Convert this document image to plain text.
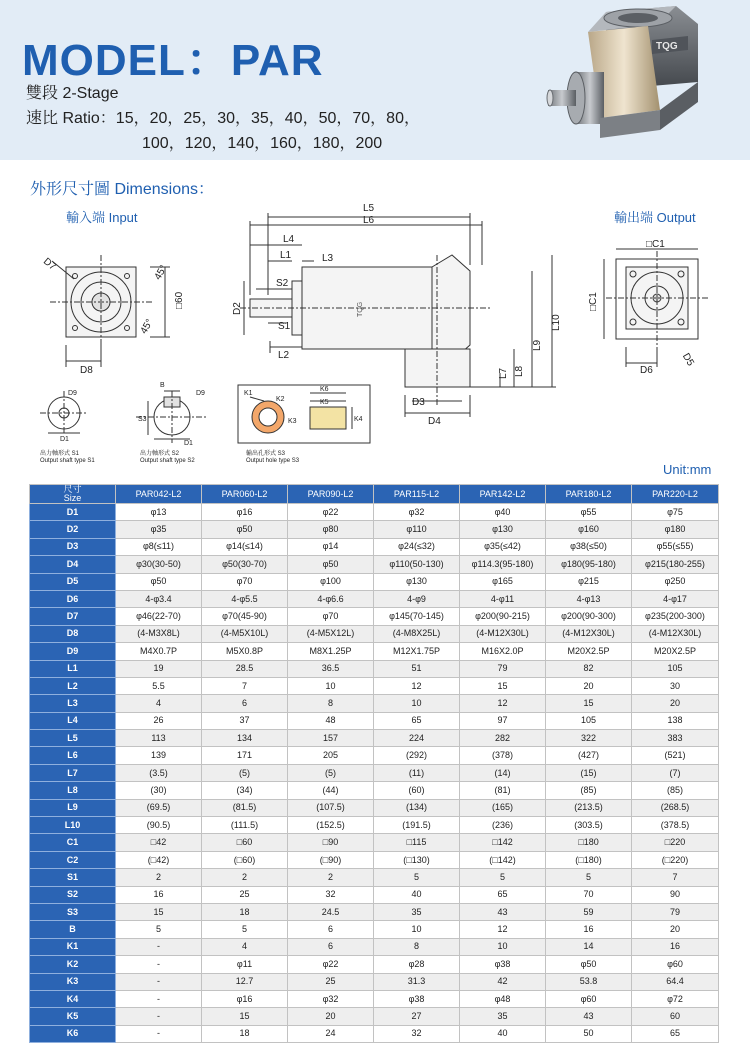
MODEL：PAR
雙段 2-Stage
速比 Ratio：15，20，25，30，35，40，50，70，80，
100，120，140，160，180，200
TQG
外形尺寸圖 Dimensions：
輸入端 Input	輸出端 Output
L5
L6
L4
L1	L3
S2
S1
L2
D2
D3
D4
L7 L8
L9
L10
D7
D8
□60
45°
45°
□C1
□C1
D5
D6
D9
D1
B
D9
S3
D1
K1
K2
K3	K4
K5
K6
出力軸形式 S1
Output shaft type S1
出力軸形式 S2
Output shaft type S2
輸出孔形式 S3
Output hole type S3
TQG
Unit:mm
尺寸
Size	PAR042-L2	PAR060-L2	PAR090-L2	PAR115-L2	PAR142-L2	PAR180-L2	PAR220-L2
D1	φ13	φ16	φ22	φ32	φ40	φ55	φ75
D2	φ35	φ50	φ80	φ110	φ130	φ160	φ180
D3	φ8(≤11)	φ14(≤14)	φ14	φ24(≤32)	φ35(≤42)	φ38(≤50)	φ55(≤55)
D4	φ30(30-50)	φ50(30-70)	φ50	φ110(50-130)	φ114.3(95-180)	φ180(95-180)	φ215(180-255)
D5	φ50	φ70	φ100	φ130	φ165	φ215	φ250
D6	4-φ3.4	4-φ5.5	4-φ6.6	4-φ9	4-φ11	4-φ13	4-φ17
D7	φ46(22-70)	φ70(45-90)	φ70	φ145(70-145)	φ200(90-215)	φ200(90-300)	φ235(200-300)
D8	(4-M3X8L)	(4-M5X10L)	(4-M5X12L)	(4-M8X25L)	(4-M12X30L)	(4-M12X30L)	(4-M12X30L)
D9	M4X0.7P	M5X0.8P	M8X1.25P	M12X1.75P	M16X2.0P	M20X2.5P	M20X2.5P
L1	19	28.5	36.5	51	79	82	105
L2	5.5	7	10	12	15	20	30
L3	4	6	8	10	12	15	20
L4	26	37	48	65	97	105	138
L5	113	134	157	224	282	322	383
L6	139	171	205	(292)	(378)	(427)	(521)
L7	(3.5)	(5)	(5)	(11)	(14)	(15)	(7)
L8	(30)	(34)	(44)	(60)	(81)	(85)	(85)
L9	(69.5)	(81.5)	(107.5)	(134)	(165)	(213.5)	(268.5)
L10	(90.5)	(111.5)	(152.5)	(191.5)	(236)	(303.5)	(378.5)
C1	□42	□60	□90	□115	□142	□180	□220
C2	(□42)	(□60)	(□90)	(□130)	(□142)	(□180)	(□220)
S1	2	2	2	5	5	5	7
S2	16	25	32	40	65	70	90
S3	15	18	24.5	35	43	59	79
B	5	5	6	10	12	16	20
K1	-	4	6	8	10	14	16
K2	-	φ11	φ22	φ28	φ38	φ50	φ60
K3	-	12.7	25	31.3	42	53.8	64.4
K4	-	φ16	φ32	φ38	φ48	φ60	φ72
K5	-	15	20	27	35	43	60
K6	-	18	24	32	40	50	65
